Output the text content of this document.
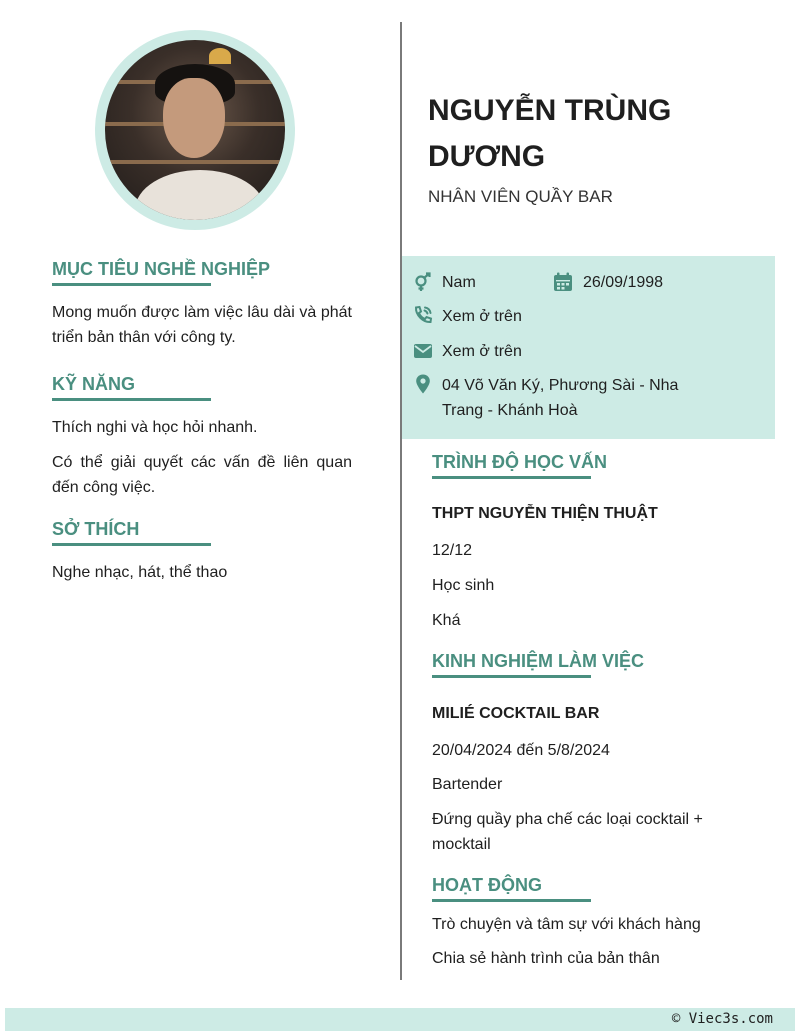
MỤC TIÊU NGHỀ NGHIỆP
Mong muốn được làm việc lâu dài và phát triển bản thân với công ty.
KỸ NĂNG
Thích nghi và học hỏi nhanh.
Có thể giải quyết các vấn đề liên quan đến công việc.
SỞ THÍCH
Nghe nhạc, hát, thể thao
NGUYỄN TRÙNG
DƯƠNG
NHÂN VIÊN QUẦY BAR
Nam	26/09/1998
Xem ở trên
Xem ở trên
04 Võ Văn Ký, Phương Sài - Nha
Trang - Khánh Hoà
TRÌNH ĐỘ HỌC VẤN
THPT NGUYỄN THIỆN THUẬT
12/12
Học sinh
Khá
KINH NGHIỆM LÀM VIỆC
MILIÉ COCKTAIL BAR
20/04/2024 đến 5/8/2024
Bartender
Đứng quầy pha chế các loại cocktail + mocktail
HOẠT ĐỘNG
Trò chuyện và tâm sự với khách hàng
Chia sẻ hành trình của bản thân
© Viec3s.com
